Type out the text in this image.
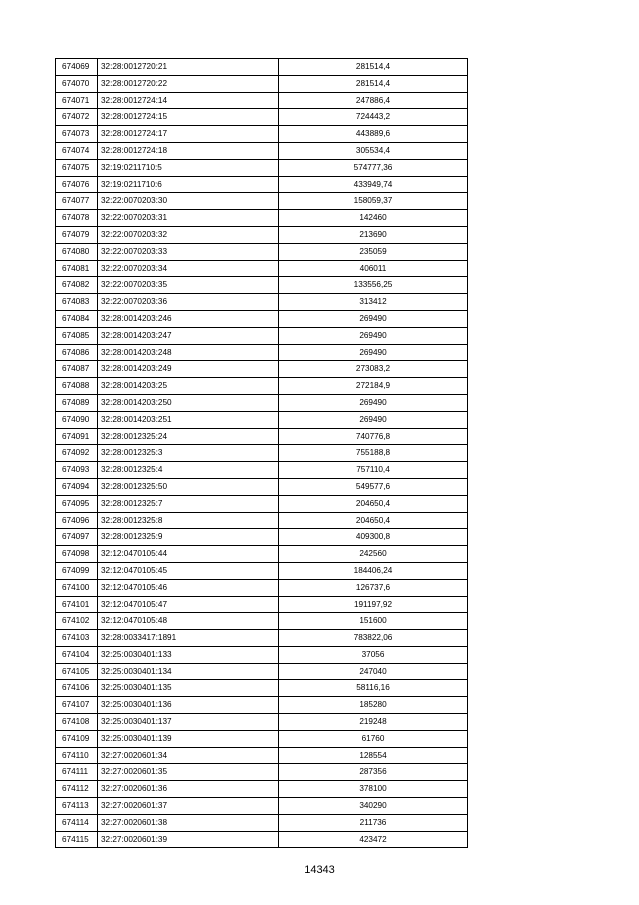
674069	32:28:0012720:21	281514,4
674070	32:28:0012720:22	281514,4
674071	32:28:0012724:14	247886,4
674072	32:28:0012724:15	724443,2
674073	32:28:0012724:17	443889,6
674074	32:28:0012724:18	305534,4
674075	32:19:0211710:5	574777,36
674076	32:19:0211710:6	433949,74
674077	32:22:0070203:30	158059,37
674078	32:22:0070203:31	142460
674079	32:22:0070203:32	213690
674080	32:22:0070203:33	235059
674081	32:22:0070203:34	406011
674082	32:22:0070203:35	133556,25
674083	32:22:0070203:36	313412
674084	32:28:0014203:246	269490
674085	32:28:0014203:247	269490
674086	32:28:0014203:248	269490
674087	32:28:0014203:249	273083,2
674088	32:28:0014203:25	272184,9
674089	32:28:0014203:250	269490
674090	32:28:0014203:251	269490
674091	32:28:0012325:24	740776,8
674092	32:28:0012325:3	755188,8
674093	32:28:0012325:4	757110,4
674094	32:28:0012325:50	549577,6
674095	32:28:0012325:7	204650,4
674096	32:28:0012325:8	204650,4
674097	32:28:0012325:9	409300,8
674098	32:12:0470105:44	242560
674099	32:12:0470105:45	184406,24
674100	32:12:0470105:46	126737,6
674101	32:12:0470105:47	191197,92
674102	32:12:0470105:48	151600
674103	32:28:0033417:1891	783822,06
674104	32:25:0030401:133	37056
674105	32:25:0030401:134	247040
674106	32:25:0030401:135	58116,16
674107	32:25:0030401:136	185280
674108	32:25:0030401:137	219248
674109	32:25:0030401:139	61760
674110	32:27:0020601:34	128554
674111	32:27:0020601:35	287356
674112	32:27:0020601:36	378100
674113	32:27:0020601:37	340290
674114	32:27:0020601:38	211736
674115	32:27:0020601:39	423472
14343
